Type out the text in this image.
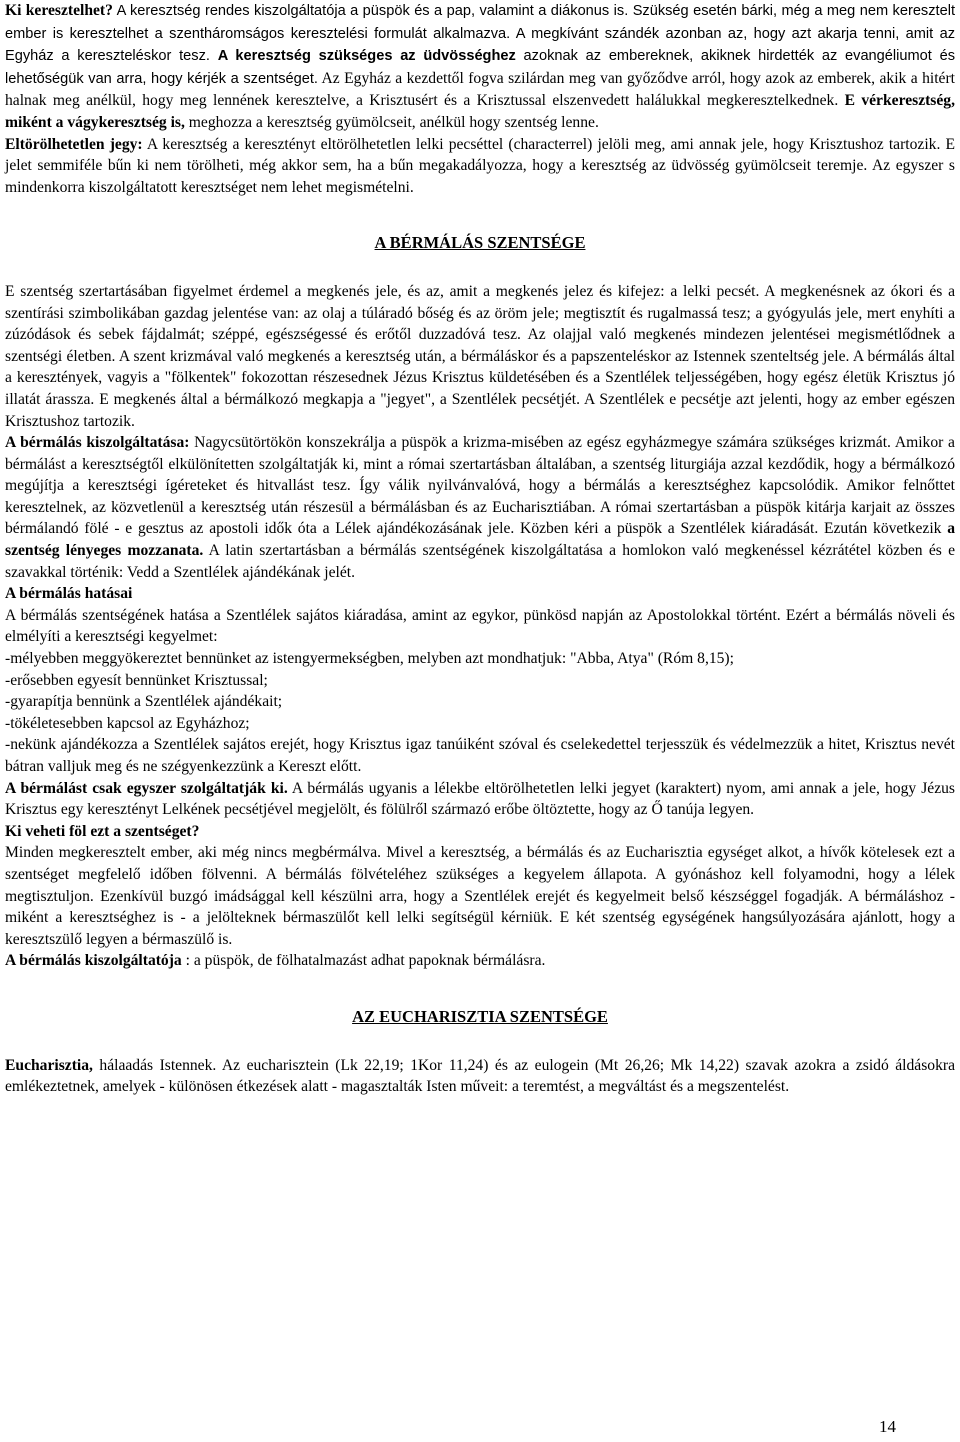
Ki keresztelhet? A keresztség rendes kiszolgáltatója a püspök és a pap, valamint a diákonus is. Szükség esetén bárki, még a meg nem keresztelt ember is keresztelhet a szentháromságos keresztelési formulát alkalmazva. A megkívánt szándék azonban az, hogy azt akarja tenni, amit az Egyház a kereszteléskor tesz. A keresztség szükséges az üdvösséghez azoknak az embereknek, akiknek hirdették az evangéliumot és lehetőségük van arra, hogy kérjék a szentséget. Az Egyház a kezdettől fogva szilárdan meg van győződve arról, hogy azok az emberek, akik a hitért halnak meg anélkül, hogy meg lennének keresztelve, a Krisztusért és a Krisztussal elszenvedett halálukkal megkeresztelkednek. E vérkeresztség, miként a vágykeresztség is, meghozza a keresztség gyümölcseit, anélkül hogy szentség lenne.

Eltörölhetetlen jegy: A keresztség a keresztényt eltörölhetetlen lelki pecséttel (characterrel) jelöli meg, ami annak jele, hogy Krisztushoz tartozik. E jelet semmiféle bűn ki nem törölheti, még akkor sem, ha a bűn megakadályozza, hogy a keresztség az üdvösség gyümölcseit teremje. Az egyszer s mindenkorra kiszolgáltatott keresztséget nem lehet megismételni.

A BÉRMÁLÁS SZENTSÉGE

E szentség szertartásában figyelmet érdemel a megkenés jele, és az, amit a megkenés jelez és kifejez: a lelki pecsét. A megkenésnek az ókori és a szentírási szimbolikában gazdag jelentése van: az olaj a túláradó bőség és az öröm jele; megtisztít és rugalmassá tesz; a gyógyulás jele, mert enyhíti a zúzódások és sebek fájdalmát; széppé, egészségessé és erőtől duzzadóvá tesz. Az olajjal való megkenés mindezen jelentései megismétlődnek a szentségi életben. A szent krizmával való megkenés a keresztség után, a bérmáláskor és a papszenteléskor az Istennek szenteltség jele. A bérmálás által a keresztények, vagyis a "fölkentek" fokozottan részesednek Jézus Krisztus küldetésében és a Szentlélek teljességében, hogy egész életük Krisztus jó illatát árassza. E megkenés által a bérmálkozó megkapja a "jegyet", a Szentlélek pecsétjét. A Szentlélek e pecsétje azt jelenti, hogy az ember egészen Krisztushoz tartozik.

A bérmálás kiszolgáltatása: Nagycsütörtökön konszekrálja a püspök a krizma-misében az egész egyházmegye számára szükséges krizmát. Amikor a bérmálást a keresztségtől elkülönítetten szolgáltatják ki, mint a római szertartásban általában, a szentség liturgiája azzal kezdődik, hogy a bérmálkozó megújítja a keresztségi ígéreteket és hitvallást tesz. Így válik nyilvánvalóvá, hogy a bérmálás a keresztséghez kapcsolódik. Amikor felnőttet keresztelnek, az közvetlenül a keresztség után részesül a bérmálásban és az Eucharisztiában. A római szertartásban a püspök kitárja karjait az összes bérmálandó fölé - e gesztus az apostoli idők óta a Lélek ajándékozásának jele. Közben kéri a püspök a Szentlélek kiáradását. Ezután következik a szentség lényeges mozzanata. A latin szertartásban a bérmálás szentségének kiszolgáltatása a homlokon való megkenéssel kézrátétel közben és e szavakkal történik: Vedd a Szentlélek ajándékának jelét.

A bérmálás hatásai

A bérmálás szentségének hatása a Szentlélek sajátos kiáradása, amint az egykor, pünkösd napján az Apostolokkal történt. Ezért a bérmálás növeli és elmélyíti a keresztségi kegyelmet:

-mélyebben meggyökereztet bennünket az istengyermekségben, melyben azt mondhatjuk: "Abba, Atya" (Róm 8,15);

-erősebben egyesít bennünket Krisztussal;

-gyarapítja bennünk a Szentlélek ajándékait;

-tökéletesebben kapcsol az Egyházhoz;

-nekünk ajándékozza a Szentlélek sajátos erejét, hogy Krisztus igaz tanúiként szóval és cselekedettel terjesszük és védelmezzük a hitet, Krisztus nevét bátran valljuk meg és ne szégyenkezzünk a Kereszt előtt.

A bérmálást csak egyszer szolgáltatják ki. A bérmálás ugyanis a lélekbe eltörölhetetlen lelki jegyet (karaktert) nyom, ami annak a jele, hogy Jézus Krisztus egy keresztényt Lelkének pecsétjével megjelölt, és fölülről származó erőbe öltöztette, hogy az Ő tanúja legyen.

Ki veheti föl ezt a szentséget?

Minden megkeresztelt ember, aki még nincs megbérmálva. Mivel a keresztség, a bérmálás és az Eucharisztia egységet alkot, a hívők kötelesek ezt a szentséget megfelelő időben fölvenni. A bérmálás fölvételéhez szükséges a kegyelem állapota. A gyónáshoz kell folyamodni, hogy a lélek megtisztuljon. Ezenkívül buzgó imádsággal kell készülni arra, hogy a Szentlélek erejét és kegyelmeit belső készséggel fogadják. A bérmáláshoz - miként a keresztséghez is - a jelölteknek bérmaszülőt kell lelki segítségül kérniük. E két szentség egységének hangsúlyozására ajánlott, hogy a keresztszülő legyen a bérmaszülő is.

A bérmálás kiszolgáltatója : a püspök, de fölhatalmazást adhat papoknak bérmálásra.

AZ EUCHARISZTIA SZENTSÉGE

Eucharisztia, hálaadás Istennek. Az eucharisztein (Lk 22,19; 1Kor 11,24) és az eulogein (Mt 26,26; Mk 14,22) szavak azokra a zsidó áldásokra emlékeztetnek, amelyek - különösen étkezések alatt - magasztalták Isten műveit: a teremtést, a megváltást és a megszentelést.

14
